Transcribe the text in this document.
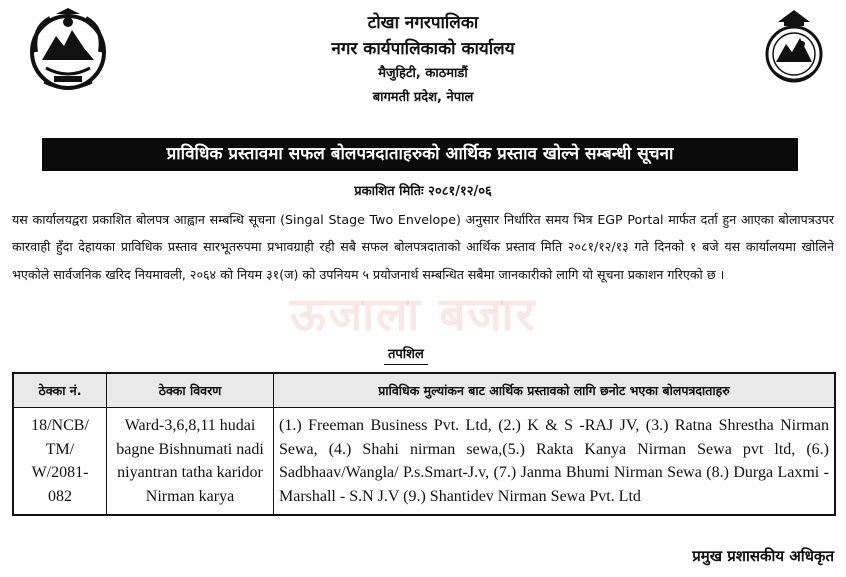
टोखा नगरपालिका
नगर कार्यपालिकाको कार्यालय
मैजुहिटी, काठमाडौं
बागमती प्रदेश, नेपाल
प्राविधिक प्रस्तावमा सफल बोलपत्रदाताहरुको आर्थिक प्रस्ताव खोल्ने सम्बन्धी सूचना
प्रकाशित मितिः २०८१/१२/०६
ऊजाला बजार
यस कार्यालयद्वरा प्रकाशित बोलपत्र आह्वान सम्बन्धि सूचना (Singal Stage Two Envelope) अनुसार निर्धारित समय भित्र EGP Portal मार्फत दर्ता हुन आएका बोलापत्रउपर कारवाही हुँदा देहायका प्राविधिक प्रस्ताव सारभूतरुपमा प्रभावग्राही रही सबै सफल बोलपत्रदाताको आर्थिक प्रस्ताव मिति २०८१/१२/१३ गते दिनको १ बजे यस कार्यालयमा खोलिने भएकोले सार्वजनिक खरिद नियमावली, २०६४ को नियम ३१(ज) को उपनियम ५ प्रयोजनार्थ सम्बन्धित सबैमा जानकारीको लागि यो सूचना प्रकाशन गरिएको छ ।
तपशिल
ठेक्का नं.	ठेक्का विवरण	प्राविधिक मुल्यांकन बाट आर्थिक प्रस्तावको लागि छनोट भएका बोलपत्रदाताहरु
18/NCB/ TM/ W/2081- 082	Ward-3,6,8,11 hudai bagne Bishnumati nadi niyantran tatha karidor Nirman karya	(1.) Freeman Business Pvt. Ltd, (2.) K & S -RAJ JV, (3.) Ratna Shrestha Nirman Sewa, (4.) Shahi nirman sewa,(5.) Rakta Kanya Nirman Sewa pvt ltd, (6.) Sadbhaav/Wangla/ P.s.Smart-J.v, (7.) Janma Bhumi Nirman Sewa (8.) Durga Laxmi - Marshall - S.N J.V (9.) Shantidev Nirman Sewa Pvt. Ltd
प्रमुख प्रशासकीय अधिकृत
